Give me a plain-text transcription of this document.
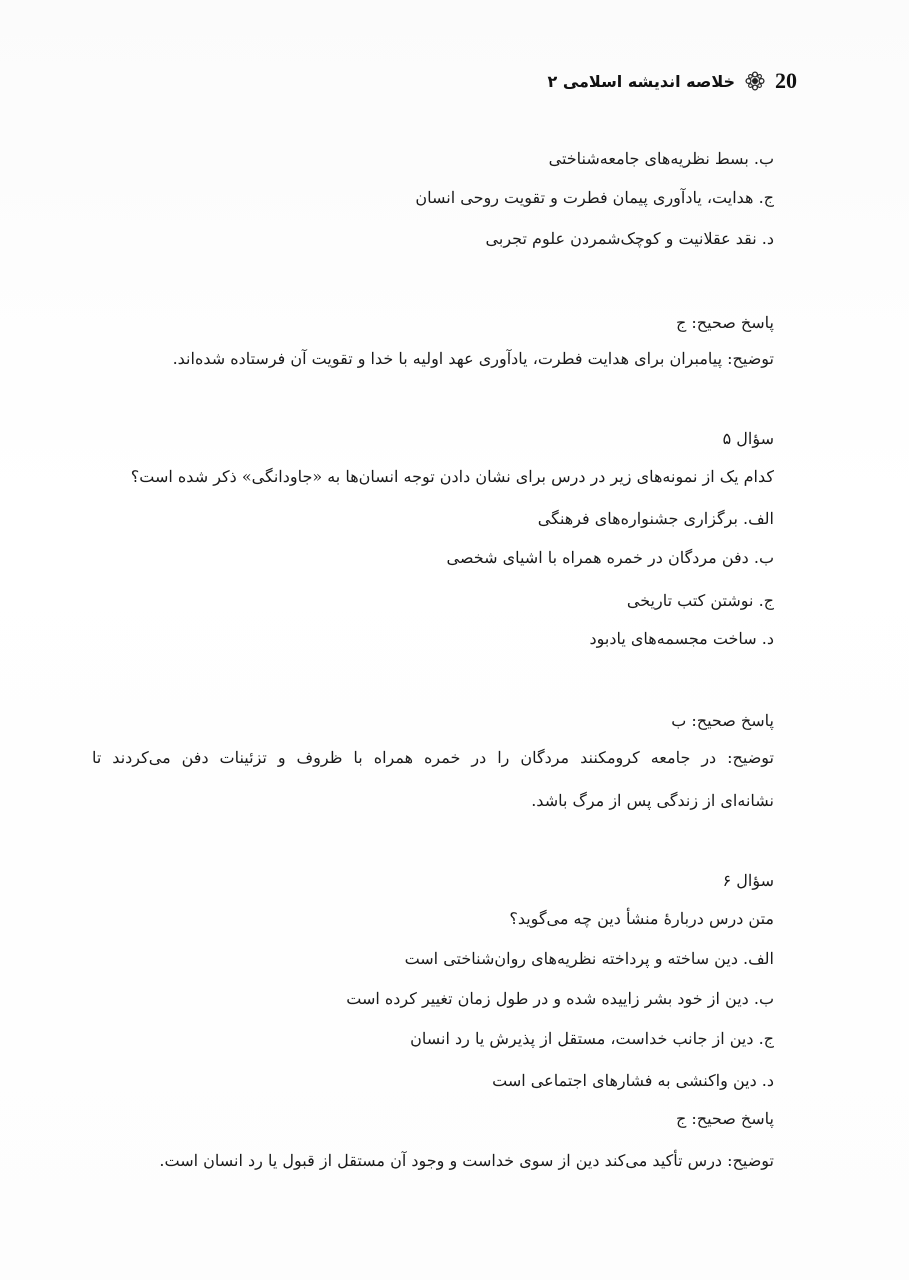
20
خلاصه اندیشه اسلامی ۲
ب. بسط نظریه‌های جامعه‌شناختی
ج. هدایت، یادآوری پیمان فطرت و تقویت روحی انسان
د. نقد عقلانیت و کوچک‌شمردن علوم تجربی
پاسخ صحیح: ج
توضیح: پیامبران برای هدایت فطرت، یادآوری عهد اولیه با خدا و تقویت آن فرستاده شده‌اند.
سؤال ۵
کدام یک از نمونه‌های زیر در درس برای نشان دادن توجه انسان‌ها به «جاودانگی» ذکر شده است؟
الف. برگزاری جشنواره‌های فرهنگی
ب. دفن مردگان در خمره همراه با اشیای شخصی
ج. نوشتن کتب تاریخی
د. ساخت مجسمه‌های یادبود
پاسخ صحیح: ب
توضیح: در جامعه کرومکنند مردگان را در خمره همراه با ظروف و تزئینات دفن می‌کردند تا
نشانه‌ای از زندگی پس از مرگ باشد.
سؤال ۶
متن درس دربارهٔ منشأ دین چه می‌گوید؟
الف. دین ساخته و پرداخته نظریه‌های روان‌شناختی است
ب. دین از خود بشر زاییده شده و در طول زمان تغییر کرده است
ج. دین از جانب خداست، مستقل از پذیرش یا رد انسان
د. دین واکنشی به فشارهای اجتماعی است
پاسخ صحیح: ج
توضیح: درس تأکید می‌کند دین از سوی خداست و وجود آن مستقل از قبول یا رد انسان است.
